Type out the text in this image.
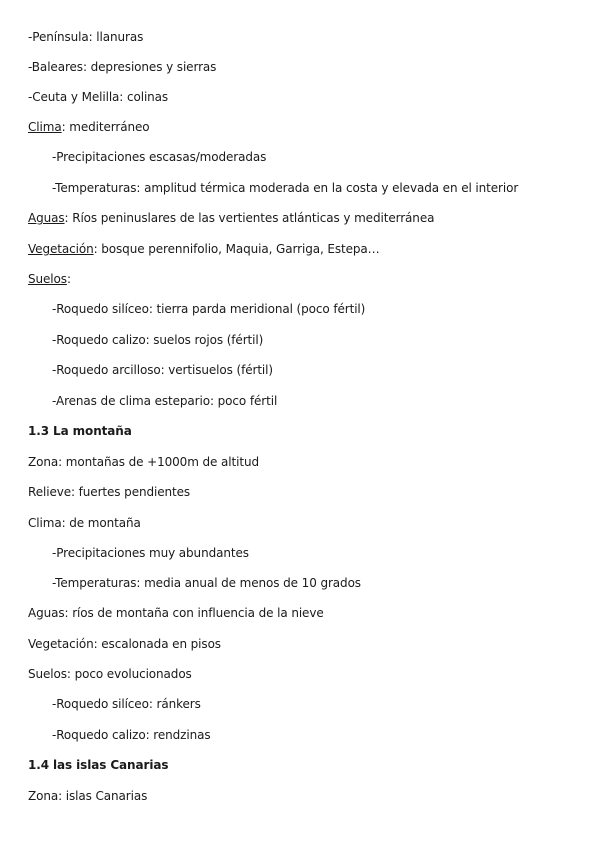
-Península: llanuras
-Baleares: depresiones y sierras
-Ceuta y Melilla: colinas
Clima: mediterráneo
-Precipitaciones escasas/moderadas
-Temperaturas: amplitud térmica moderada en la costa y elevada en el interior
Aguas: Ríos peninuslares de las vertientes atlánticas y mediterránea
Vegetación: bosque perennifolio, Maquia, Garriga, Estepa…
Suelos:
-Roquedo silíceo: tierra parda meridional (poco fértil)
-Roquedo calizo: suelos rojos (fértil)
-Roquedo arcilloso: vertisuelos (fértil)
-Arenas de clima estepario: poco fértil
1.3 La montaña
Zona: montañas de +1000m de altitud
Relieve: fuertes pendientes
Clima: de montaña
-Precipitaciones muy abundantes
-Temperaturas: media anual de menos de 10 grados
Aguas: ríos de montaña con influencia de la nieve
Vegetación: escalonada en pisos
Suelos: poco evolucionados
-Roquedo silíceo: ránkers
-Roquedo calizo: rendzinas
1.4 las islas Canarias
Zona: islas Canarias
